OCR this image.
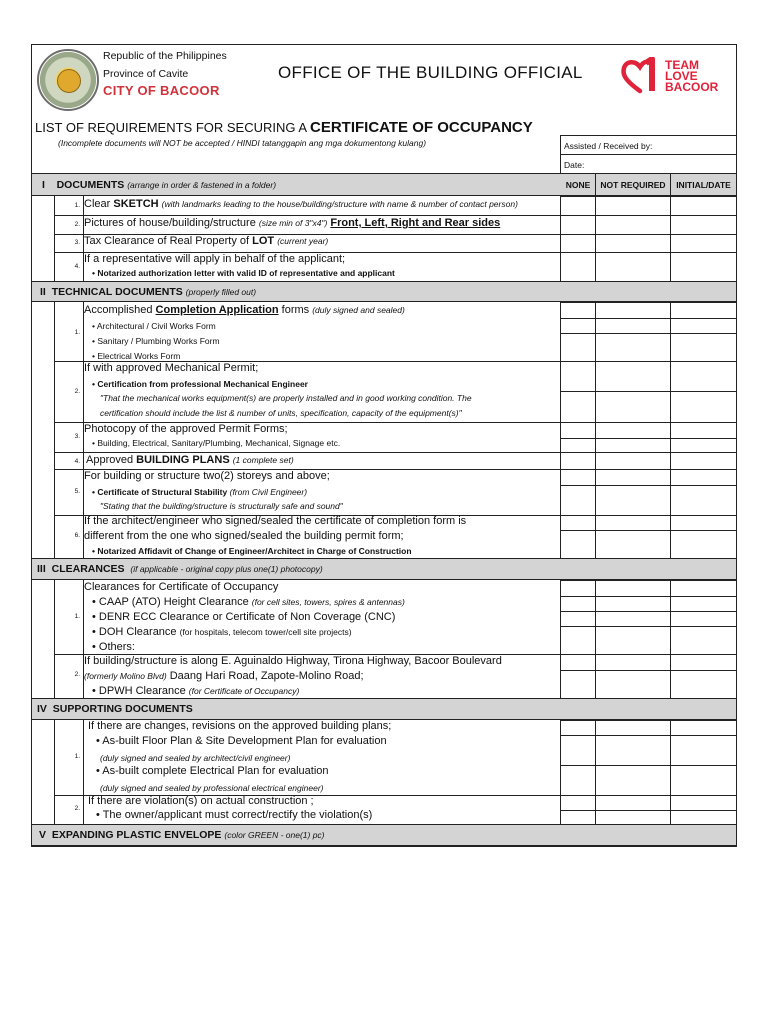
Republic of the Philippines
Province of Cavite
CITY OF BACOOR
OFFICE OF THE BUILDING OFFICIAL	TEAM
LOVE
BACOOR
LIST OF REQUIREMENTS FOR SECURING A CERTIFICATE OF OCCUPANCY
(Incomplete documents will NOT be accepted / HINDI tatanggapin ang mga dokumentong kulang)	Assisted / Received by:
Date:
I DOCUMENTS (arrange in order & fastened in a folder)	NONE	NOT REQUIRED	INITIAL/DATE
1. Clear SKETCH (with landmarks leading to the house/building/structure with name & number of contact person)
2. Pictures of house/building/structure (size min of 3"x4") Front, Left, Right and Rear sides
3. Tax Clearance of Real Property of LOT (current year)
4.
If a representative will apply in behalf of the applicant;
• Notarized authorization letter with valid ID of representative and applicant
II TECHNICAL DOCUMENTS (properly filled out)
1.
Accomplished Completion Application forms (duly signed and sealed)
• Architectural / Civil Works Form
• Sanitary / Plumbing Works Form
• Electrical Works Form
2.
If with approved Mechanical Permit;
• Certification from professional Mechanical Engineer
"That the mechanical works equipment(s) are properly installed and in good working condition. The
certification should include the list & number of units, specification, capacity of the equipment(s)"
3.
Photocopy of the approved Permit Forms;
• Building, Electrical, Sanitary/Plumbing, Mechanical, Signage etc.
4. Approved BUILDING PLANS (1 complete set)
5.
For building or structure two(2) storeys and above;
• Certificate of Structural Stability (from Civil Engineer)
"Stating that the building/structure is structurally safe and sound"
6.
If the architect/engineer who signed/sealed the certificate of completion form is
different from the one who signed/sealed the building permit form;
• Notarized Affidavit of Change of Engineer/Architect in Charge of Construction
III CLEARANCES (if applicable - original copy plus one(1) photocopy)
1.
Clearances for Certificate of Occupancy
• CAAP (ATO) Height Clearance (for cell sites, towers, spires & antennas)
• DENR ECC Clearance or Certificate of Non Coverage (CNC)
• DOH Clearance (for hospitals, telecom tower/cell site projects)
• Others:
2.
If building/structure is along E. Aguinaldo Highway, Tirona Highway, Bacoor Boulevard
(formerly Molino Blvd) Daang Hari Road, Zapote-Molino Road;
• DPWH Clearance (for Certificate of Occupancy)
IV SUPPORTING DOCUMENTS
1.
If there are changes, revisions on the approved building plans;
• As-built Floor Plan & Site Development Plan for evaluation
(duly signed and sealed by architect/civil engineer)
• As-built complete Electrical Plan for evaluation
(duly signed and sealed by professional electrical engineer)
2.
If there are violation(s) on actual construction ;
• The owner/applicant must correct/rectify the violation(s)
V EXPANDING PLASTIC ENVELOPE (color GREEN - one(1) pc)
